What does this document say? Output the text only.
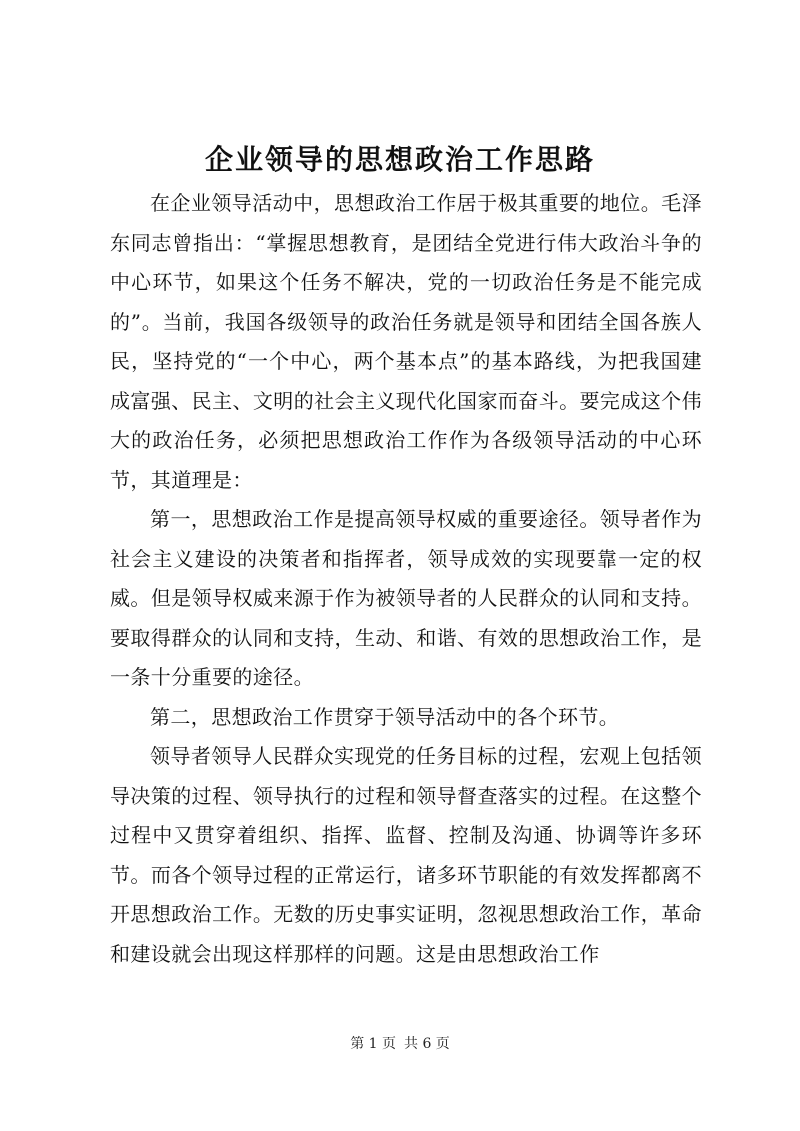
企业领导的思想政治工作思路

在企业领导活动中，思想政治工作居于极其重要的地位。毛泽东同志曾指出：“掌握思想教育，是团结全党进行伟大政治斗争的中心环节，如果这个任务不解决，党的一切政治任务是不能完成的”。当前，我国各级领导的政治任务就是领导和团结全国各族人民，坚持党的“一个中心，两个基本点”的基本路线，为把我国建成富强、民主、文明的社会主义现代化国家而奋斗。要完成这个伟大的政治任务，必须把思想政治工作作为各级领导活动的中心环节，其道理是：

第一，思想政治工作是提高领导权威的重要途径。领导者作为社会主义建设的决策者和指挥者，领导成效的实现要靠一定的权威。但是领导权威来源于作为被领导者的人民群众的认同和支持。要取得群众的认同和支持，生动、和谐、有效的思想政治工作，是一条十分重要的途径。

第二，思想政治工作贯穿于领导活动中的各个环节。

领导者领导人民群众实现党的任务目标的过程，宏观上包括领导决策的过程、领导执行的过程和领导督查落实的过程。在这整个过程中又贯穿着组织、指挥、监督、控制及沟通、协调等许多环节。而各个领导过程的正常运行，诸多环节职能的有效发挥都离不开思想政治工作。无数的历史事实证明，忽视思想政治工作，革命和建设就会出现这样那样的问题。这是由思想政治工作

第 1 页 共 6 页
